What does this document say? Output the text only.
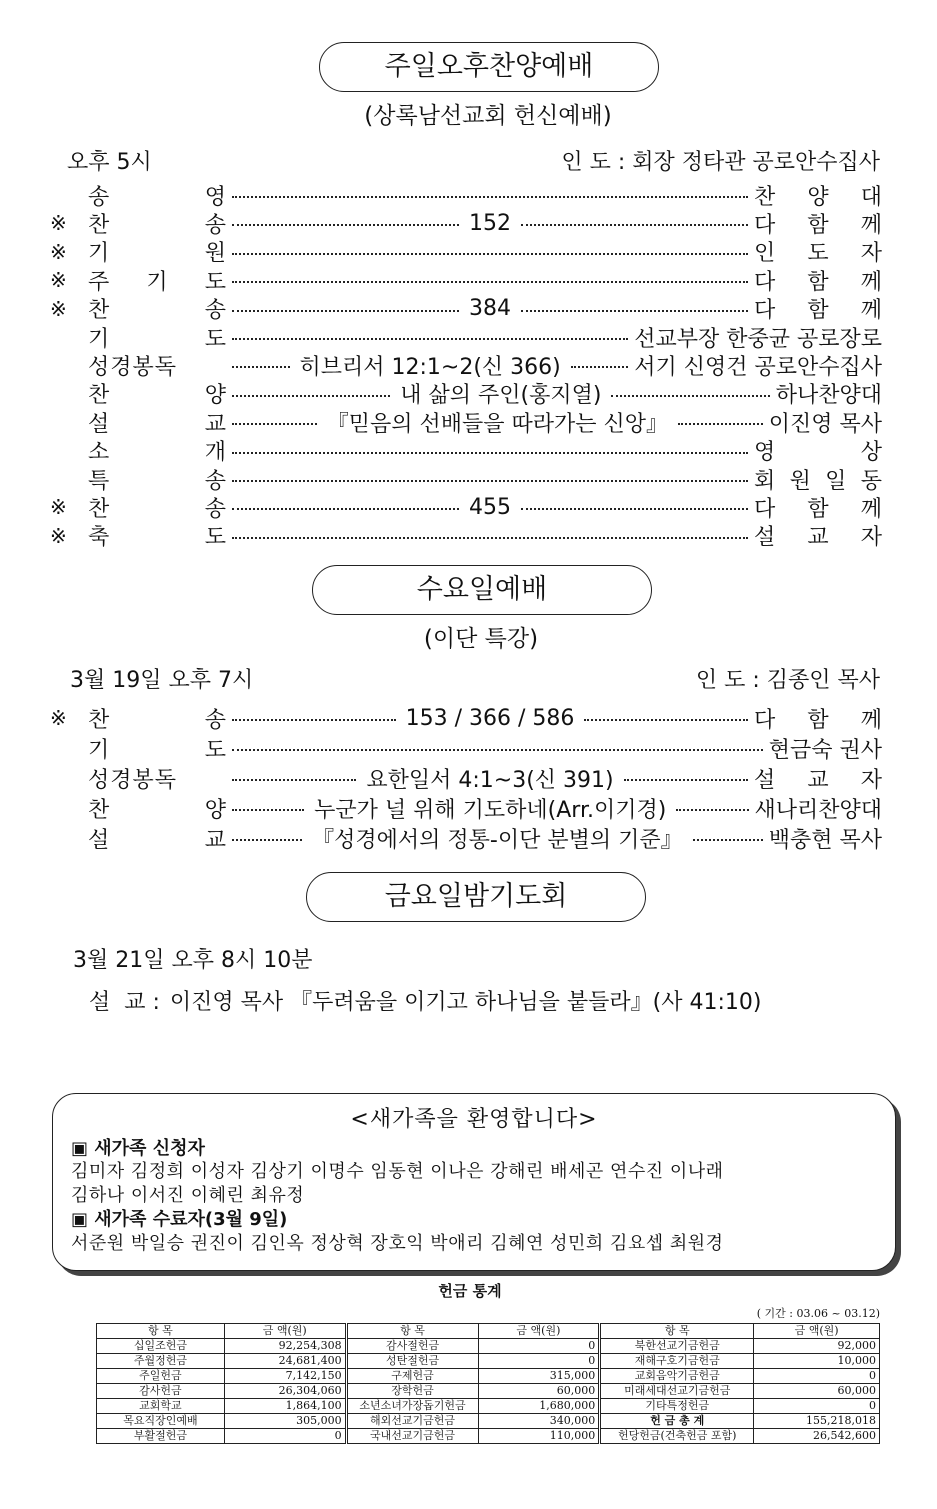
주일오후찬양예배
(상록남선교회 헌신예배)
오후 5시	인 도 : 회장 정타관 공로안수집사
송	영	찬 양 대
※ 찬	송	152	다 함 께
※ 기	원	인 도 자
※ 주 기 도	다 함 께
※ 찬	송	384	다 함 께
기	도	선교부장 한중균 공로장로
성경봉독	히브리서 12:1~2(신 366)	서기 신영건 공로안수집사
찬	양	내 삶의 주인(홍지열)	하나찬양대
설	교	『믿음의 선배들을 따라가는 신앙』	이진영 목사
소	개	영	상
특	송	회 원 일 동
※ 찬	송	455	다 함 께
※ 축	도	설 교 자
수요일예배
(이단 특강)
3월 19일 오후 7시	인 도 : 김종인 목사
※ 찬	송	153 / 366 / 586	다 함 께
기	도	현금숙 권사
성경봉독	요한일서 4:1~3(신 391)	설 교 자
찬	양	누군가 널 위해 기도하네(Arr.이기경)	새나리찬양대
설	교	『성경에서의 정통-이단 분별의 기준』	백충현 목사
금요일밤기도회
3월 21일 오후 8시 10분
설  교 : 이진영 목사 『두려움을 이기고 하나님을 붙들라』(사 41:10)
<새가족을 환영합니다>
▣ 새가족 신청자
김미자 김정희 이성자 김상기 이명수 임동현 이나은 강해린 배세곤 연수진 이나래
김하나 이서진 이혜린 최유정
▣ 새가족 수료자(3월 9일)
서준원 박일승 권진이 김인옥 정상혁 장호익 박애리 김혜연 성민희 김요셉 최원경
헌금 통계
( 기간 : 03.06 ~ 03.12)
항 목	금 액(원)	항 목	금 액(원)	항 목	금 액(원)
십일조헌금	92,254,308	감사절헌금	0	북한선교기금헌금	92,000
주월정헌금	24,681,400	성탄절헌금	0	재해구호기금헌금	10,000
주일헌금	7,142,150	구제헌금	315,000	교회음악기금헌금	0
감사헌금	26,304,060	장학헌금	60,000	미래세대선교기금헌금	60,000
교회학교	1,864,100	소년소녀가장돕기헌금	1,680,000	기타특정헌금	0
목요직장인예배	305,000	해외선교기금헌금	340,000	헌 금 총 계	155,218,018
부활절헌금	0	국내선교기금헌금	110,000	헌당헌금(건축헌금 포함)	26,542,600
